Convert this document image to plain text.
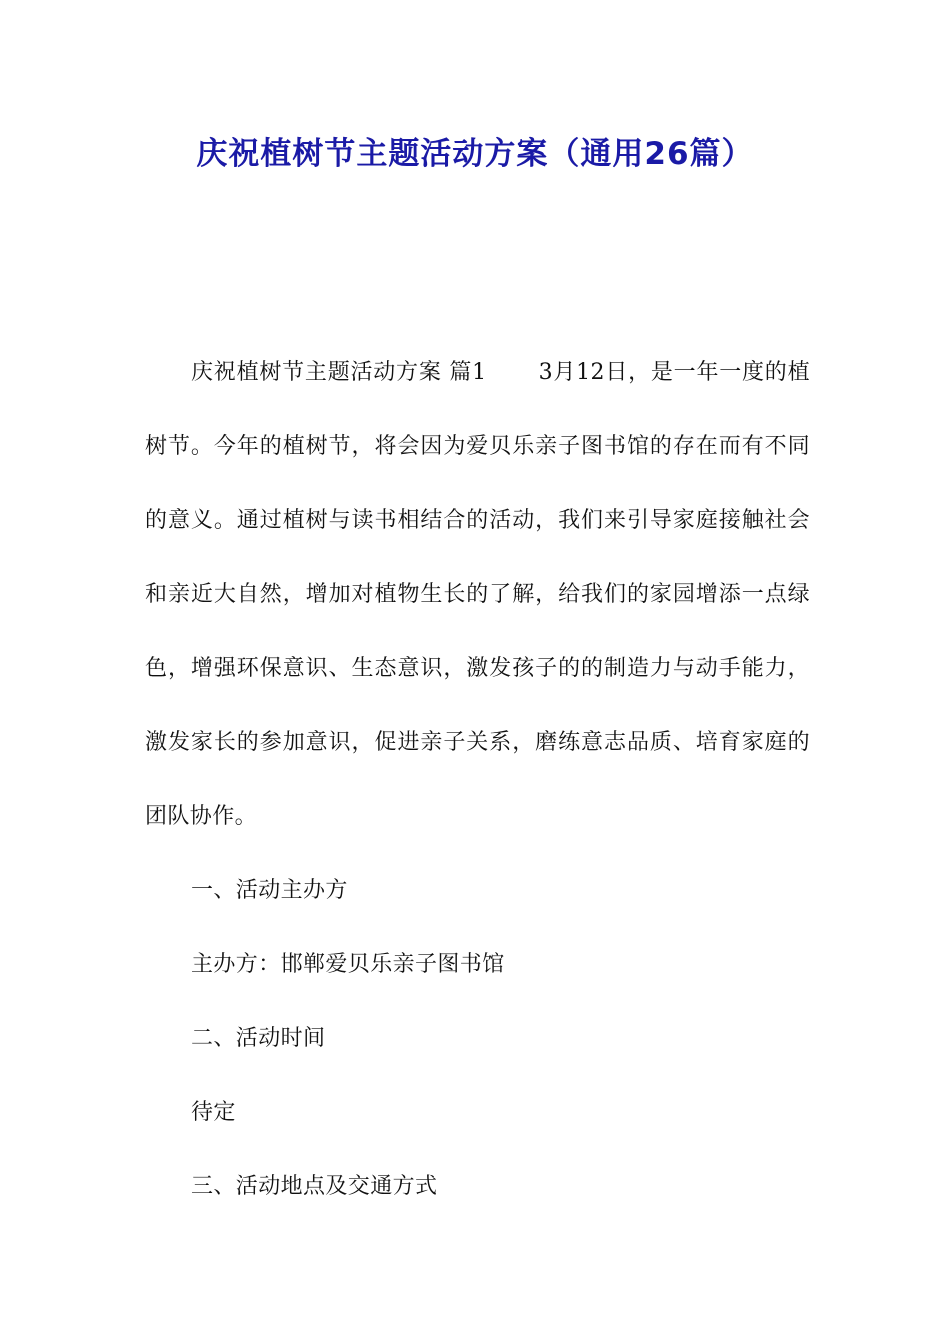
庆祝植树节主题活动方案（通用26篇）

庆祝植树节主题活动方案 篇1 3月12日，是一年一度的植树节。今年的植树节，将会因为爱贝乐亲子图书馆的存在而有不同的意义。通过植树与读书相结合的活动，我们来引导家庭接触社会和亲近大自然，增加对植物生长的了解，给我们的家园增添一点绿色，增强环保意识、生态意识，激发孩子的的制造力与动手能力，激发家长的参加意识，促进亲子关系，磨练意志品质、培育家庭的团队协作。

一、活动主办方

主办方：邯郸爱贝乐亲子图书馆

二、活动时间

待定

三、活动地点及交通方式
